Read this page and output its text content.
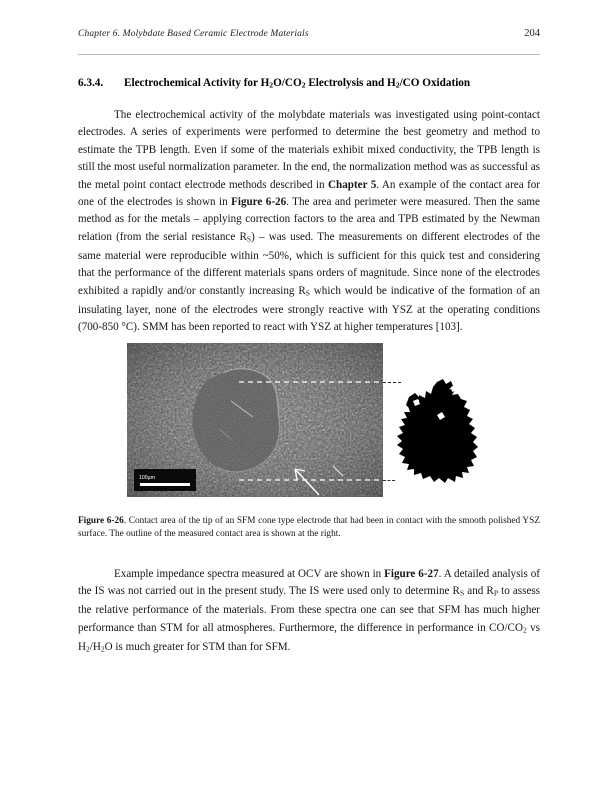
Chapter 6. Molybdate Based Ceramic Electrode Materials	204
6.3.4. Electrochemical Activity for $H_2O/CO_2$ Electrolysis and $H_2/CO$ Oxidation

The electrochemical activity of the molybdate materials was investigated using point-contact electrodes. A series of experiments were performed to determine the best geometry and method to estimate the TPB length. Even if some of the materials exhibit mixed conductivity, the TPB length is still the most useful normalization parameter. In the end, the normalization method was as successful as the metal point contact electrode methods described in Chapter 5. An example of the contact area for one of the electrodes is shown in Figure 6-26. The area and perimeter were measured. Then the same method as for the metals – applying correction factors to the area and TPB estimated by the Newman relation (from the serial resistance $R_S$) – was used. The measurements on different electrodes of the same material were reproducible within ~50%, which is sufficient for this quick test and considering that the performance of the different materials spans orders of magnitude. Since none of the electrodes exhibited a rapidly and/or constantly increasing $R_S$ which would be indicative of the formation of an insulating layer, none of the electrodes were strongly reactive with YSZ at the operating conditions (700-850 °C). SMM has been reported to react with YSZ at higher temperatures [103].

100µm
Figure 6-26. Contact area of the tip of an SFM cone type electrode that had been in contact with the smooth polished YSZ surface. The outline of the measured contact area is shown at the right.

Example impedance spectra measured at OCV are shown in Figure 6-27. A detailed analysis of the IS was not carried out in the present study. The IS were used only to determine $R_S$ and $R_P$ to assess the relative performance of the materials. From these spectra one can see that SFM has much higher performance than STM for all atmospheres. Furthermore, the difference in performance in $CO/CO_2$ vs $H_2/H_2O$ is much greater for STM than for SFM.
